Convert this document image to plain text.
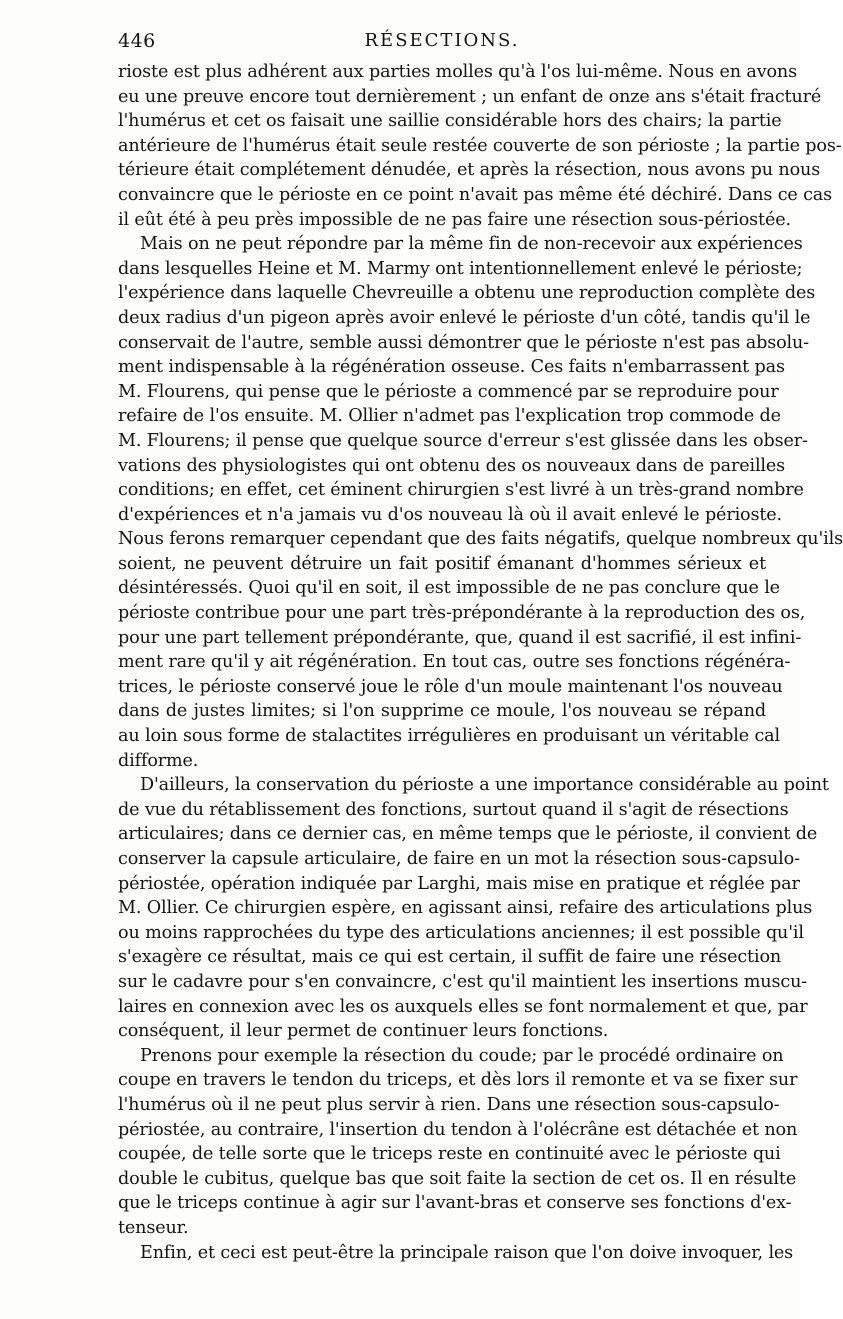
446	RÉSECTIONS.
rioste est plus adhérent aux parties molles qu'à l'os lui-même. Nous en avons
eu une preuve encore tout dernièrement ; un enfant de onze ans s'était fracturé
l'humérus et cet os faisait une saillie considérable hors des chairs; la partie
antérieure de l'humérus était seule restée couverte de son périoste ; la partie pos-
térieure était complétement dénudée, et après la résection, nous avons pu nous
convaincre que le périoste en ce point n'avait pas même été déchiré. Dans ce cas
il eût été à peu près impossible de ne pas faire une résection sous-périostée.
Mais on ne peut répondre par la même fin de non-recevoir aux expériences
dans lesquelles Heine et M. Marmy ont intentionnellement enlevé le périoste;
l'expérience dans laquelle Chevreuille a obtenu une reproduction complète des
deux radius d'un pigeon après avoir enlevé le périoste d'un côté, tandis qu'il le
conservait de l'autre, semble aussi démontrer que le périoste n'est pas absolu-
ment indispensable à la régénération osseuse. Ces faits n'embarrassent pas
M. Flourens, qui pense que le périoste a commencé par se reproduire pour
refaire de l'os ensuite. M. Ollier n'admet pas l'explication trop commode de
M. Flourens; il pense que quelque source d'erreur s'est glissée dans les obser-
vations des physiologistes qui ont obtenu des os nouveaux dans de pareilles
conditions; en effet, cet éminent chirurgien s'est livré à un très-grand nombre
d'expériences et n'a jamais vu d'os nouveau là où il avait enlevé le périoste.
Nous ferons remarquer cependant que des faits négatifs, quelque nombreux qu'ils
soient, ne peuvent détruire un fait positif émanant d'hommes sérieux et
désintéressés. Quoi qu'il en soit, il est impossible de ne pas conclure que le
périoste contribue pour une part très-prépondérante à la reproduction des os,
pour une part tellement prépondérante, que, quand il est sacrifié, il est infini-
ment rare qu'il y ait régénération. En tout cas, outre ses fonctions régénéra-
trices, le périoste conservé joue le rôle d'un moule maintenant l'os nouveau
dans de justes limites; si l'on supprime ce moule, l'os nouveau se répand
au loin sous forme de stalactites irrégulières en produisant un véritable cal
difforme.
D'ailleurs, la conservation du périoste a une importance considérable au point
de vue du rétablissement des fonctions, surtout quand il s'agit de résections
articulaires; dans ce dernier cas, en même temps que le périoste, il convient de
conserver la capsule articulaire, de faire en un mot la résection sous-capsulo-
périostée, opération indiquée par Larghi, mais mise en pratique et réglée par
M. Ollier. Ce chirurgien espère, en agissant ainsi, refaire des articulations plus
ou moins rapprochées du type des articulations anciennes; il est possible qu'il
s'exagère ce résultat, mais ce qui est certain, il suffit de faire une résection
sur le cadavre pour s'en convaincre, c'est qu'il maintient les insertions muscu-
laires en connexion avec les os auxquels elles se font normalement et que, par
conséquent, il leur permet de continuer leurs fonctions.
Prenons pour exemple la résection du coude; par le procédé ordinaire on
coupe en travers le tendon du triceps, et dès lors il remonte et va se fixer sur
l'humérus où il ne peut plus servir à rien. Dans une résection sous-capsulo-
périostée, au contraire, l'insertion du tendon à l'olécrâne est détachée et non
coupée, de telle sorte que le triceps reste en continuité avec le périoste qui
double le cubitus, quelque bas que soit faite la section de cet os. Il en résulte
que le triceps continue à agir sur l'avant-bras et conserve ses fonctions d'ex-
tenseur.
Enfin, et ceci est peut-être la principale raison que l'on doive invoquer, les
